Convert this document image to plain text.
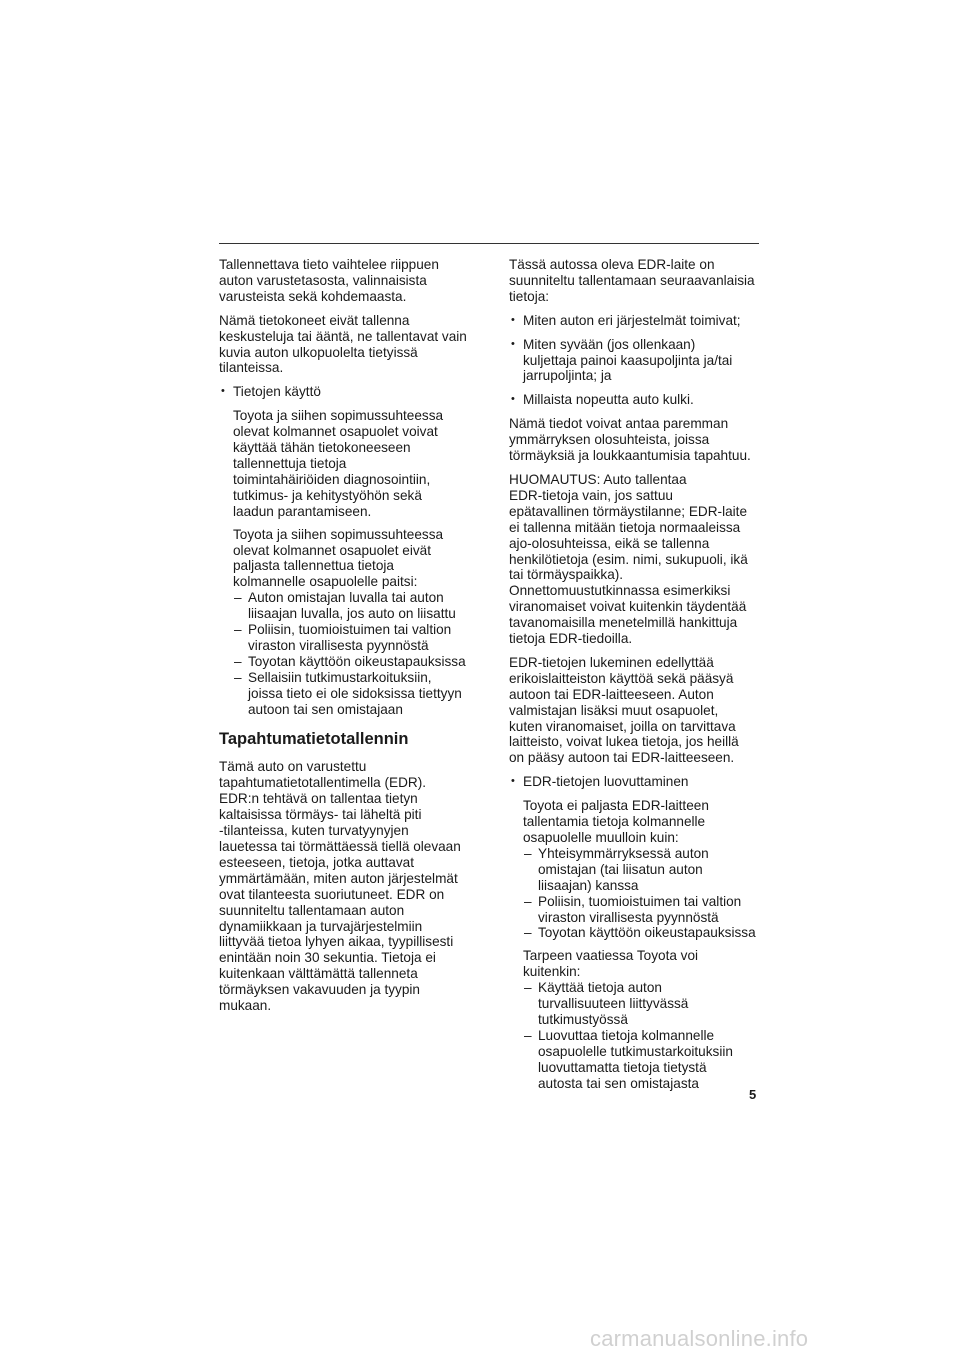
Tallennettava tieto vaihtelee riippuen
auton varustetasosta, valinnaisista
varusteista sekä kohdemaasta.

Nämä tietokoneet eivät tallenna
keskusteluja tai ääntä, ne tallentavat vain
kuvia auton ulkopuolelta tietyissä
tilanteissa.

• Tietojen käyttö
Toyota ja siihen sopimussuhteessa
olevat kolmannet osapuolet voivat
käyttää tähän tietokoneeseen
tallennettuja tietoja
toimintahäiriöiden diagnosointiin,
tutkimus- ja kehitystyöhön sekä
laadun parantamiseen.
Toyota ja siihen sopimussuhteessa
olevat kolmannet osapuolet eivät
paljasta tallennettua tietoja
kolmannelle osapuolelle paitsi:
– Auton omistajan luvalla tai auton
liisaajan luvalla, jos auto on liisattu
– Poliisin, tuomioistuimen tai valtion
viraston virallisesta pyynnöstä
– Toyotan käyttöön oikeustapauksissa
– Sellaisiin tutkimustarkoituksiin,
joissa tieto ei ole sidoksissa tiettyyn
autoon tai sen omistajaan
Tapahtumatietotallennin

Tämä auto on varustettu
tapahtumatietotallentimella (EDR).
EDR:n tehtävä on tallentaa tietyn
kaltaisissa törmäys- tai läheltä piti
-tilanteissa, kuten turvatyynyjen
lauetessa tai törmättäessä tiellä olevaan
esteeseen, tietoja, jotka auttavat
ymmärtämään, miten auton järjestelmät
ovat tilanteesta suoriutuneet. EDR on
suunniteltu tallentamaan auton
dynamiikkaan ja turvajärjestelmiin
liittyvää tietoa lyhyen aikaa, tyypillisesti
enintään noin 30 sekuntia. Tietoja ei
kuitenkaan välttämättä tallenneta
törmäyksen vakavuuden ja tyypin
mukaan.

Tässä autossa oleva EDR-laite on
suunniteltu tallentamaan seuraavanlaisia
tietoja:

• Miten auton eri järjestelmät toimivat;
• Miten syvään (jos ollenkaan)
kuljettaja painoi kaasupoljinta ja/tai
jarrupoljinta; ja
• Millaista nopeutta auto kulki.

Nämä tiedot voivat antaa paremman
ymmärryksen olosuhteista, joissa
törmäyksiä ja loukkaantumisia tapahtuu.

HUOMAUTUS: Auto tallentaa
EDR-tietoja vain, jos sattuu
epätavallinen törmäystilanne; EDR-laite
ei tallenna mitään tietoja normaaleissa
ajo-olosuhteissa, eikä se tallenna
henkilötietoja (esim. nimi, sukupuoli, ikä
tai törmäyspaikka).
Onnettomuustutkinnassa esimerkiksi
viranomaiset voivat kuitenkin täydentää
tavanomaisilla menetelmillä hankittuja
tietoja EDR-tiedoilla.

EDR-tietojen lukeminen edellyttää
erikoislaitteiston käyttöä sekä pääsyä
autoon tai EDR-laitteeseen. Auton
valmistajan lisäksi muut osapuolet,
kuten viranomaiset, joilla on tarvittava
laitteisto, voivat lukea tietoja, jos heillä
on pääsy autoon tai EDR-laitteeseen.

• EDR-tietojen luovuttaminen
Toyota ei paljasta EDR-laitteen
tallentamia tietoja kolmannelle
osapuolelle muulloin kuin:
– Yhteisymmärryksessä auton
omistajan (tai liisatun auton
liisaajan) kanssa
– Poliisin, tuomioistuimen tai valtion
viraston virallisesta pyynnöstä
– Toyotan käyttöön oikeustapauksissa
Tarpeen vaatiessa Toyota voi
kuitenkin:
– Käyttää tietoja auton
turvallisuuteen liittyvässä
tutkimustyössä
– Luovuttaa tietoja kolmannelle
osapuolelle tutkimustarkoituksiin
luovuttamatta tietoja tietystä
autosta tai sen omistajasta
5
carmanualsonline.info
